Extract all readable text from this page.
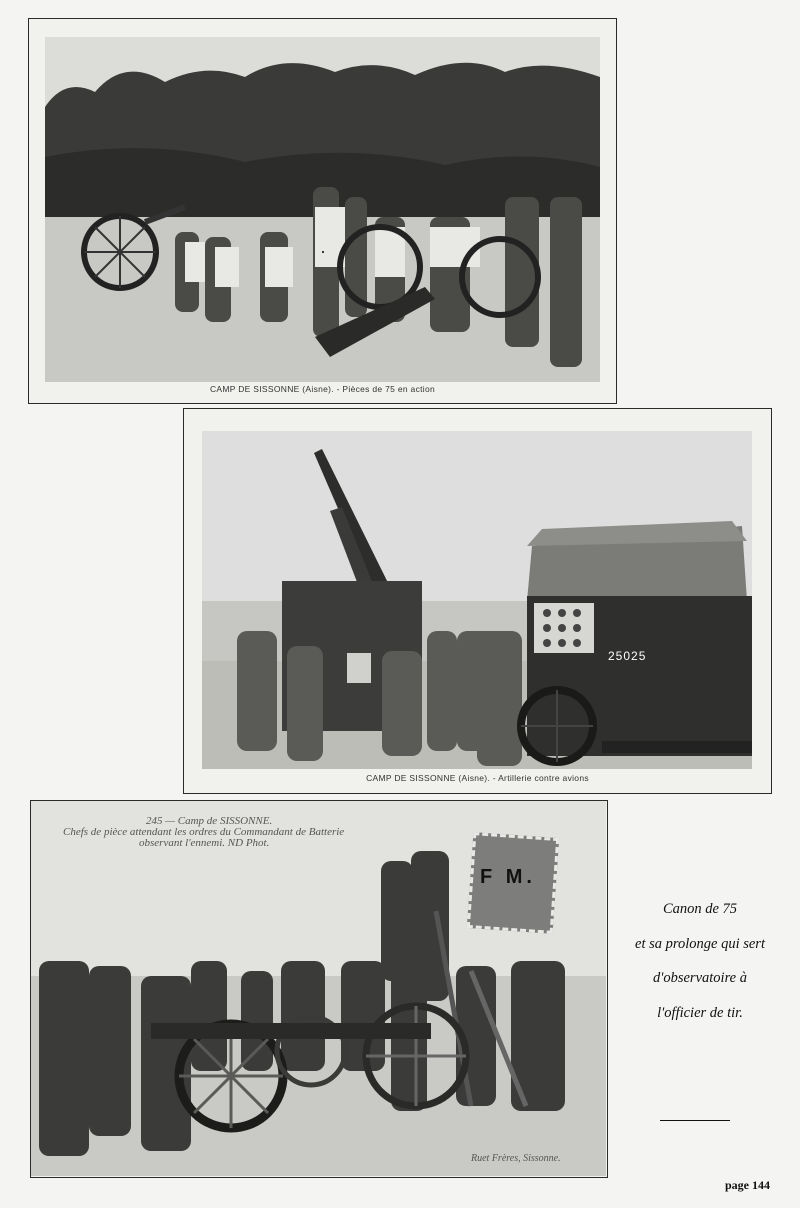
CAMP DE SISSONNE (Aisne). - Pièces de 75 en action
CAMP DE SISSONNE (Aisne). - Artillerie contre avions
25025
245 — Camp de SISSONNE.
Chefs de pièce attendant les ordres du Commandant de Batterie
observant l'ennemi. ND Phot.
Ruet Frères, Sissonne.
F M.
Canon de 75
et sa prolonge qui sert
d'observatoire à
l'officier de tir.
page 144
